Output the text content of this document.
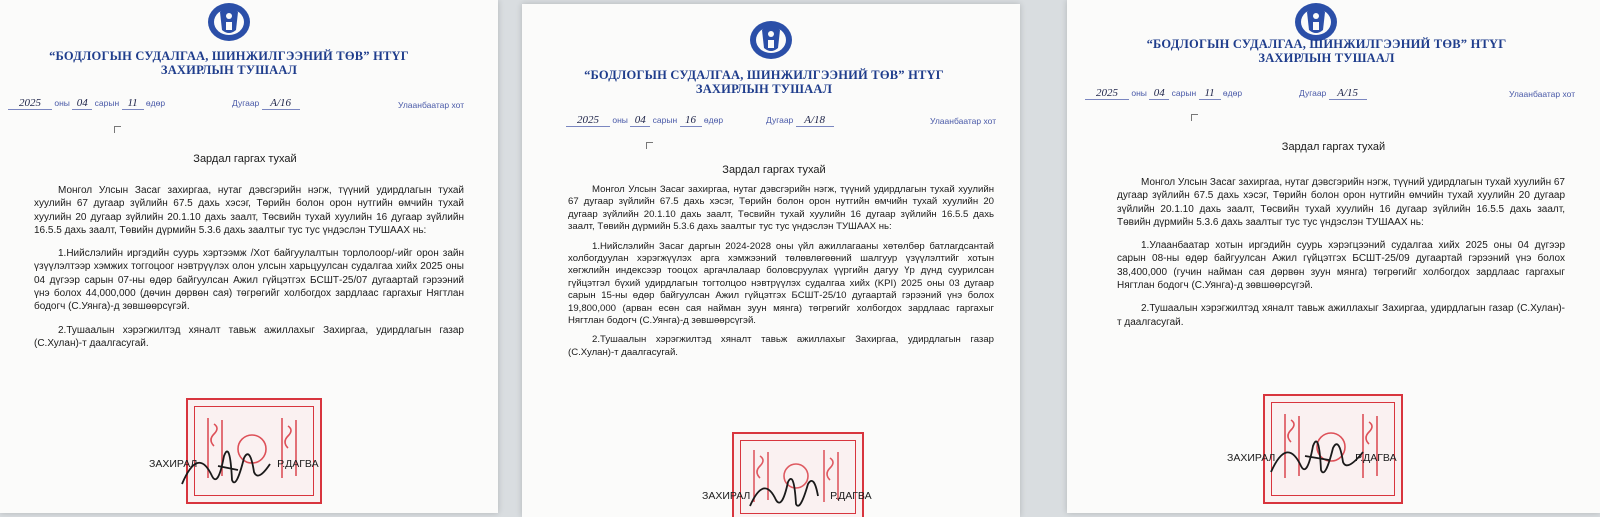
“БОДЛОГЫН СУДАЛГАА, ШИНЖИЛГЭЭНИЙ ТӨВ” НТҮГ
ЗАХИРЛЫН ТУШААЛ
2025 оны 04 сарын 11 өдөр	Дугаар А/16	Улаанбаатар хот
Зардал гаргах тухай

Монгол Улсын Засаг захиргаа, нутаг дэвсгэрийн нэгж, түүний удирдлагын тухай хуулийн 67 дугаар зүйлийн 67.5 дахь хэсэг, Төрийн болон орон нутгийн өмчийн тухай хуулийн 20 дугаар зүйлийн 20.1.10 дахь заалт, Төсвийн тухай хуулийн 16 дугаар зүйлийн 16.5.5 дахь заалт, Төвийн дүрмийн 5.3.6 дахь заалтыг тус тус үндэслэн ТУШААХ нь:

1.Нийслэлийн иргэдийн суурь хэртээмж /Хот байгуулалтын торлолоор/-ийг орон зайн үзүүлэлтээр хэмжих тоггоцоог нэвтрүүлэх олон улсын харьцуулсан судалгаа хийх 2025 оны 04 дүгээр сарын 07-ны өдөр байгуулсан Ажил гүйцэтгэх БСШТ-25/07 дугаартай гэрээний үнэ болох 44,000,000 (дөчин дөрвөн сая) төгрөгийг холбогдох зардлаас гаргахыг Нягтлан бодогч (С.Уянга)-д зөвшөөрсүгэй.

2.Тушаалын хэрэгжилтэд хяналт тавьж ажиллахыг Захиргаа, удирдлагын газар (С.Хулан)-т даалгасугай.

ЗАХИРАЛ	Р.ДАГВА
“БОДЛОГЫН СУДАЛГАА, ШИНЖИЛГЭЭНИЙ ТӨВ” НТҮГ
ЗАХИРЛЫН ТУШААЛ
2025 оны 04 сарын 16 өдөр	Дугаар А/18	Улаанбаатар хот
Зардал гаргах тухай

Монгол Улсын Засаг захиргаа, нутаг дэвсгэрийн нэгж, түүний удирдлагын тухай хуулийн 67 дугаар зүйлийн 67.5 дахь хэсэг, Төрийн болон орон нутгийн өмчийн тухай хуулийн 20 дугаар зүйлийн 20.1.10 дахь заалт, Төсвийн тухай хуулийн 16 дугаар зүйлийн 16.5.5 дахь заалт, Төвийн дүрмийн 5.3.6 дахь заалтыг тус тус үндэслэн ТУШААХ нь:

1.Нийслэлийн Засаг даргын 2024-2028 оны үйл ажиллагааны хөтөлбөр батлагдсантай холбогдуулан хэрэгжүүлэх арга хэмжээний төлөвлөгөөний шалгуур үзүүлэлтийг хотын хөгжлийн индексээр тооцох аргачлалаар боловсруулах үүргийн дагуу Үр дүнд суурилсан гүйцэтгэл бүхий удирдлагын тогтолцоо нэвтрүүлэх судалгаа хийх (KPI) 2025 оны 03 дугаар сарын 15-ны өдөр байгуулсан Ажил гүйцэтгэх БСШТ-25/10 дугаартай гэрээний үнэ болох 19,800,000 (арван есөн сая найман зуун мянга) төгрөгийг холбогдох зардлаас гаргахыг Нягтлан бодогч (С.Уянга)-д зөвшөөрсүгэй.

2.Тушаалын хэрэгжилтэд хяналт тавьж ажиллахыг Захиргаа, удирдлагын газар (С.Хулан)-т даалгасугай.

ЗАХИРАЛ	Р.ДАГВА
“БОДЛОГЫН СУДАЛГАА, ШИНЖИЛГЭЭНИЙ ТӨВ” НТҮГ
ЗАХИРЛЫН ТУШААЛ
2025 оны 04 сарын 11 өдөр	Дугаар А/15	Улаанбаатар хот
Зардал гаргах тухай

Монгол Улсын Засаг захиргаа, нутаг дэвсгэрийн нэгж, түүний удирдлагын тухай хуулийн 67 дугаар зүйлийн 67.5 дахь хэсэг, Төрийн болон орон нутгийн өмчийн тухай хуулийн 20 дугаар зүйлийн 20.1.10 дахь заалт, Төсвийн тухай хуулийн 16 дугаар зүйлийн 16.5.5 дахь заалт, Төвийн дүрмийн 5.3.6 дахь заалтыг тус тус үндэслэн ТУШААХ нь:

1.Улаанбаатар хотын иргэдийн суурь хэрэгцээний судалгаа хийх 2025 оны 04 дүгээр сарын 08-ны өдөр байгуулсан Ажил гүйцэтгэх БСШТ-25/09 дугаартай гэрээний үнэ болох 38,400,000 (гучин найман сая дөрвөн зуун мянга) төгрөгийг холбогдох зардлаас гаргахыг Нягтлан бодогч (С.Уянга)-д зөвшөөрсүгэй.

2.Тушаалын хэрэгжилтэд хяналт тавьж ажиллахыг Захиргаа, удирдлагын газар (С.Хулан)-т даалгасугай.

ЗАХИРАЛ	Р.ДАГВА
